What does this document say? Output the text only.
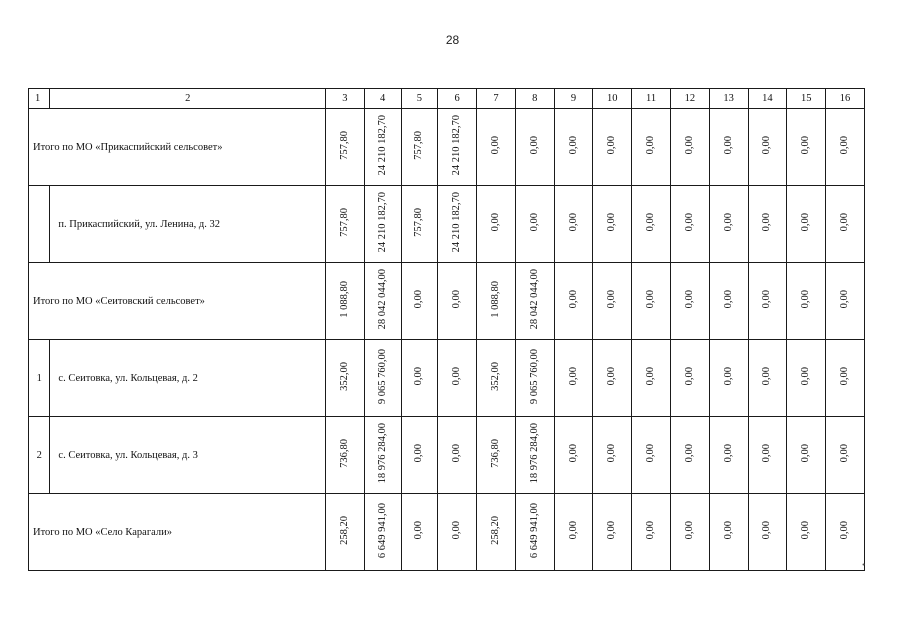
28
1	2	3	4	5	6	7	8	9	10	11	12	13	14	15	16
Итого по МО «Прикаспийский сельсовет»		757,80	24 210 182,70	757,80	24 210 182,70	0,00	0,00	0,00	0,00	0,00	0,00	0,00	0,00	0,00	0,00
	п. Прикаспийский, ул. Ленина, д. 32	757,80	24 210 182,70	757,80	24 210 182,70	0,00	0,00	0,00	0,00	0,00	0,00	0,00	0,00	0,00	0,00
Итого по МО «Сеитовский сельсовет»		1 088,80	28 042 044,00	0,00	0,00	1 088,80	28 042 044,00	0,00	0,00	0,00	0,00	0,00	0,00	0,00	0,00
1	с. Сеитовка, ул. Кольцевая, д. 2	352,00	9 065 760,00	0,00	0,00	352,00	9 065 760,00	0,00	0,00	0,00	0,00	0,00	0,00	0,00	0,00
2	с. Сеитовка, ул. Кольцевая, д. 3	736,80	18 976 284,00	0,00	0,00	736,80	18 976 284,00	0,00	0,00	0,00	0,00	0,00	0,00	0,00	0,00
Итого по МО «Село Карагали»		258,20	6 649 941,00	0,00	0,00	258,20	6 649 941,00	0,00	0,00	0,00	0,00	0,00	0,00	0,00	0,00
